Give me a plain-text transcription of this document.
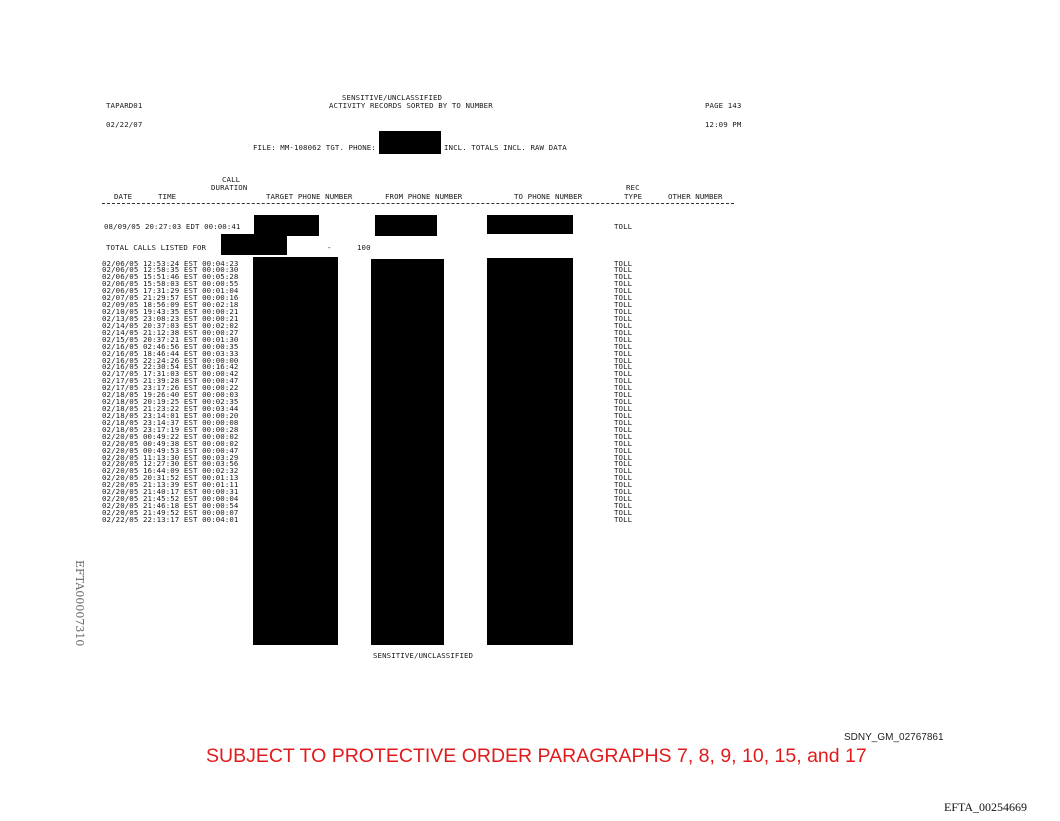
SENSITIVE/UNCLASSIFIED
TAPARD01	ACTIVITY RECORDS SORTED BY TO NUMBER	PAGE 143
02/22/07	12:09 PM
FILE: MM-108062 TGT. PHONE:	INCL. TOTALS INCL. RAW DATA
CALL
DURATION
DATE	TIME	TARGET PHONE NUMBER	FROM PHONE NUMBER	TO PHONE NUMBER
REC
TYPE	OTHER NUMBER
08/09/05 20:27:03 EDT 00:00:41	TOLL
TOTAL CALLS LISTED FOR	-	100
02/06/05 12:53:24 EST 00:04:23	TOLL
02/06/05 12:58:35 EST 00:00:30	TOLL
02/06/05 15:51:46 EST 00:05:28	TOLL
02/06/05 15:58:03 EST 00:00:55	TOLL
02/06/05 17:31:29 EST 00:01:04	TOLL
02/07/05 21:29:57 EST 00:00:16	TOLL
02/09/05 18:56:09 EST 00:02:18	TOLL
02/10/05 19:43:35 EST 00:00:21	TOLL
02/13/05 23:08:23 EST 00:00:21	TOLL
02/14/05 20:37:03 EST 00:02:02	TOLL
02/14/05 21:12:38 EST 00:00:27	TOLL
02/15/05 20:37:21 EST 00:01:30	TOLL
02/16/05 02:46:56 EST 00:00:35	TOLL
02/16/05 18:46:44 EST 00:03:33	TOLL
02/16/05 22:24:26 EST 00:00:00	TOLL
02/16/05 22:30:54 EST 00:16:42	TOLL
02/17/05 17:31:03 EST 00:00:42	TOLL
02/17/05 21:39:28 EST 00:00:47	TOLL
02/17/05 23:17:26 EST 00:00:22	TOLL
02/18/05 19:26:40 EST 00:00:03	TOLL
02/18/05 20:19:25 EST 00:02:35	TOLL
02/18/05 21:23:22 EST 00:03:44	TOLL
02/18/05 23:14:01 EST 00:00:20	TOLL
02/18/05 23:14:37 EST 00:00:08	TOLL
02/18/05 23:17:19 EST 00:00:28	TOLL
02/20/05 00:49:22 EST 00:00:02	TOLL
02/20/05 00:49:38 EST 00:00:02	TOLL
02/20/05 00:49:53 EST 00:00:47	TOLL
02/20/05 11:13:30 EST 00:03:29	TOLL
02/20/05 12:27:30 EST 00:03:56	TOLL
02/20/05 16:44:09 EST 00:02:32	TOLL
02/20/05 20:31:52 EST 00:01:13	TOLL
02/20/05 21:13:39 EST 00:01:11	TOLL
02/20/05 21:40:17 EST 00:00:31	TOLL
02/20/05 21:45:52 EST 00:00:04	TOLL
02/20/05 21:46:18 EST 00:00:54	TOLL
02/20/05 21:49:52 EST 00:00:07	TOLL
02/22/05 22:13:17 EST 00:04:01	TOLL
SENSITIVE/UNCLASSIFIED
EFTA00007310
SDNY_GM_02767861
SUBJECT TO PROTECTIVE ORDER PARAGRAPHS 7, 8, 9, 10, 15, and 17
EFTA_00254669
